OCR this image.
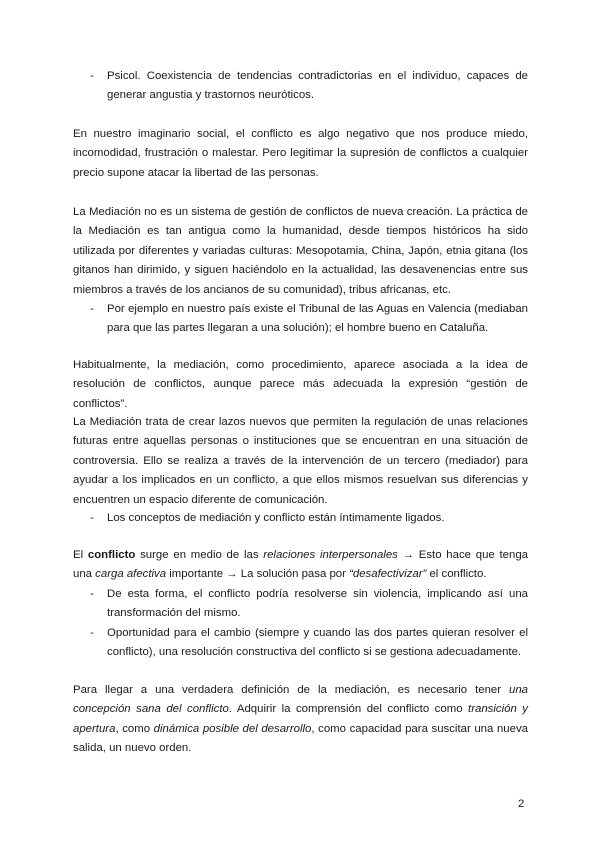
- Psicol. Coexistencia de tendencias contradictorias en el individuo, capaces de generar angustia y trastornos neuróticos.

En nuestro imaginario social, el conflicto es algo negativo que nos produce miedo, incomodidad, frustración o malestar. Pero legitimar la supresión de conflictos a cualquier precio supone atacar la libertad de las personas.

La Mediación no es un sistema de gestión de conflictos de nueva creación. La práctica de la Mediación es tan antigua como la humanidad, desde tiempos históricos ha sido utilizada por diferentes y variadas culturas: Mesopotamia, China, Japón, etnia gitana (los gitanos han dirimido, y siguen haciéndolo en la actualidad, las desavenencias entre sus miembros a través de los ancianos de su comunidad), tribus africanas, etc.

- Por ejemplo en nuestro país existe el Tribunal de las Aguas en Valencia (mediaban para que las partes llegaran a una solución); el hombre bueno en Cataluña.

Habitualmente, la mediación, como procedimiento, aparece asociada a la idea de resolución de conflictos, aunque parece más adecuada la expresión “gestión de conflictos”.

La Mediación trata de crear lazos nuevos que permiten la regulación de unas relaciones futuras entre aquellas personas o instituciones que se encuentran en una situación de controversia. Ello se realiza a través de la intervención de un tercero (mediador) para ayudar a los implicados en un conflicto, a que ellos mismos resuelvan sus diferencias y encuentren un espacio diferente de comunicación.

- Los conceptos de mediación y conflicto están íntimamente ligados.

El conflicto surge en medio de las relaciones interpersonales → Esto hace que tenga una carga afectiva importante → La solución pasa por “desafectivizar” el conflicto.

- De esta forma, el conflicto podría resolverse sin violencia, implicando así una transformación del mismo.
- Oportunidad para el cambio (siempre y cuando las dos partes quieran resolver el conflicto), una resolución constructiva del conflicto si se gestiona adecuadamente.

Para llegar a una verdadera definición de la mediación, es necesario tener una concepción sana del conflicto. Adquirir la comprensión del conflicto como transición y apertura, como dinámica posible del desarrollo, como capacidad para suscitar una nueva salida, un nuevo orden.

2
